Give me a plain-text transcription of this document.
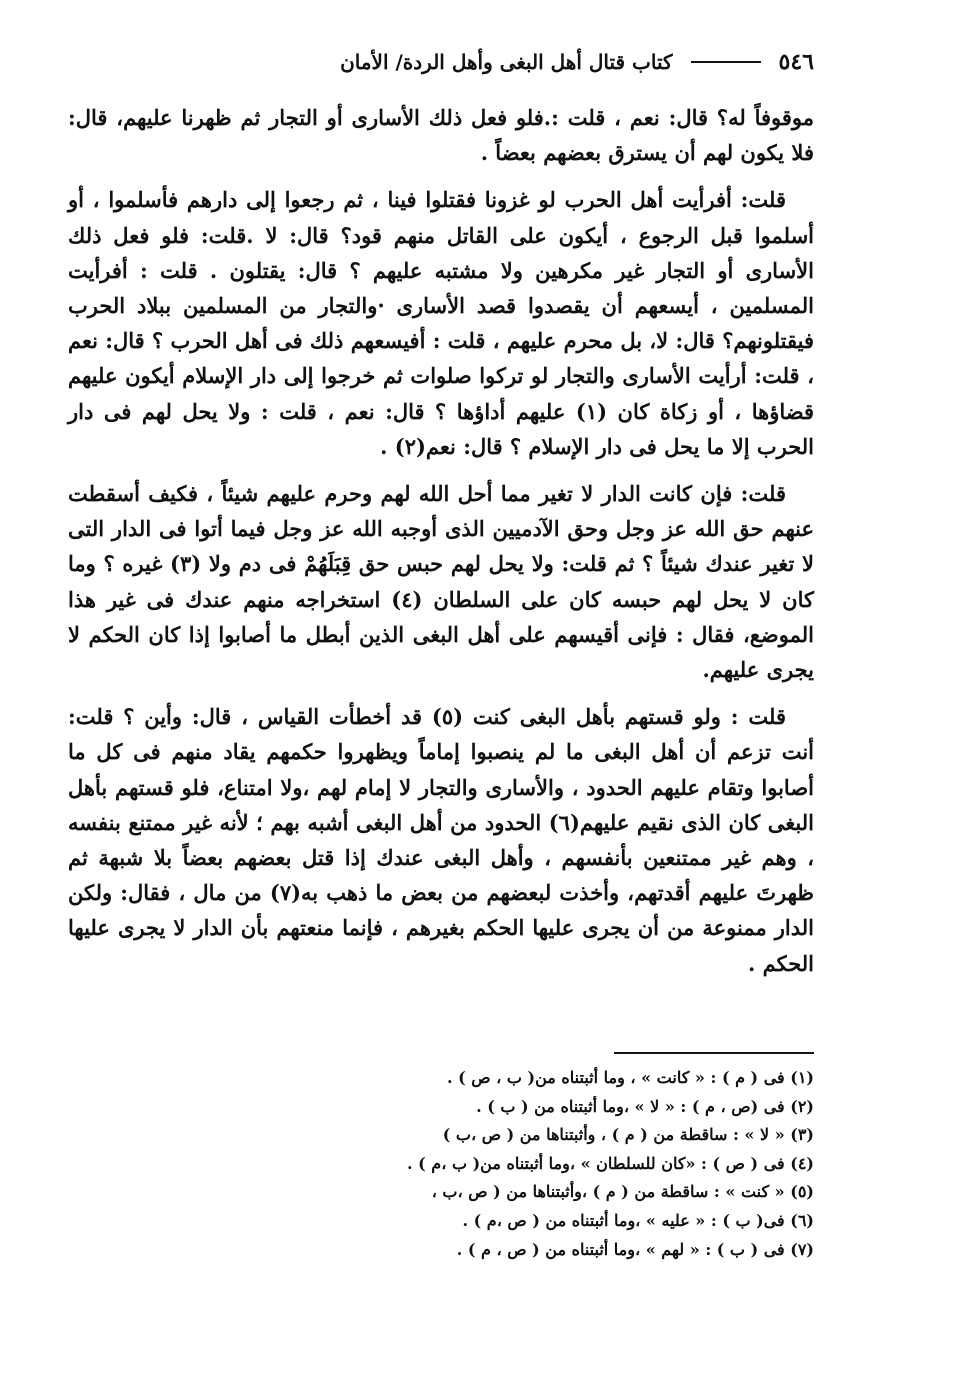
٥٤٦
كتاب قتال أهل البغى وأهل الردة/ الأمان

موقوفاً له؟ قال: نعم ، قلت :.فلو فعل ذلك الأسارى أو التجار ثم ظهرنا عليهم، قال: فلا يكون لهم أن يسترق بعضهم بعضاً .

قلت: أفرأيت أهل الحرب لو غزونا فقتلوا فينا ، ثم رجعوا إلى دارهم فأسلموا ، أو أسلموا قبل الرجوع ، أيكون على القاتل منهم قود؟ قال: لا .قلت: فلو فعل ذلك الأسارى أو التجار غير مكرهين ولا مشتبه عليهم ؟ قال: يقتلون . قلت : أفرأيت المسلمين ، أيسعهم أن يقصدوا قصد الأسارى ·والتجار من المسلمين ببلاد الحرب فيقتلونهم؟ قال: لا، بل محرم عليهم ، قلت : أفيسعهم ذلك فى أهل الحرب ؟ قال: نعم ، قلت: أرأيت الأسارى والتجار لو تركوا صلوات ثم خرجوا إلى دار الإسلام أيكون عليهم قضاؤها ، أو زكاة كان (١) عليهم أداؤها ؟ قال: نعم ، قلت : ولا يحل لهم فى دار الحرب إلا ما يحل فى دار الإسلام ؟ قال: نعم(٢) .

قلت: فإن كانت الدار لا تغير مما أحل الله لهم وحرم عليهم شيئاً ، فكيف أسقطت عنهم حق الله عز وجل وحق الآدميين الذى أوجبه الله عز وجل فيما أتوا فى الدار التى لا تغير عندك شيئاً ؟ ثم قلت: ولا يحل لهم حبس حق قِبَلَهُمْ فى دم ولا (٣) غيره ؟ وما كان لا يحل لهم حبسه كان على السلطان (٤) استخراجه منهم عندك فى غير هذا الموضع، فقال : فإنى أقيسهم على أهل البغى الذين أبطل ما أصابوا إذا كان الحكم لا يجرى عليهم.

قلت : ولو قستهم بأهل البغى كنت (٥) قد أخطأت القياس ، قال: وأين ؟ قلت: أنت تزعم أن أهل البغى ما لم ينصبوا إماماً ويظهروا حكمهم يقاد منهم فى كل ما أصابوا وتقام عليهم الحدود ، والأسارى والتجار لا إمام لهم ،ولا امتناع، فلو قستهم بأهل البغى كان الذى نقيم عليهم(٦) الحدود من أهل البغى أشبه بهم ؛ لأنه غير ممتنع بنفسه ، وهم غير ممتنعين بأنفسهم ، وأهل البغى عندك إذا قتل بعضهم بعضاً بلا شبهة ثم ظهرتَ عليهم أقدتهم، وأخذت لبعضهم من بعض ما ذهب به(٧) من مال ، فقال: ولكن الدار ممنوعة من أن يجرى عليها الحكم بغيرهم ، فإنما منعتهم بأن الدار لا يجرى عليها الحكم .

(١) فى ( م ) : « كانت » ، وما أثبتناه من( ب ، ص ) .
(٢) فى (ص ، م ) : « لا » ،وما أثبتناه من ( ب ) .
(٣) « لا » : ساقطة من ( م ) ، وأثبتناها من ( ص ،ب )
(٤) فى ( ص ) : «كان للسلطان » ،وما أثبتناه من( ب ،م ) .
(٥) « كنت » : ساقطة من ( م ) ،وأثبتناها من ( ص ،ب ،
(٦) فى( ب ) : « عليه » ،وما أثبتناه من ( ص ،م ) .
(٧) فى ( ب ) : « لهم » ،وما أثبتناه من ( ص ، م ) .
